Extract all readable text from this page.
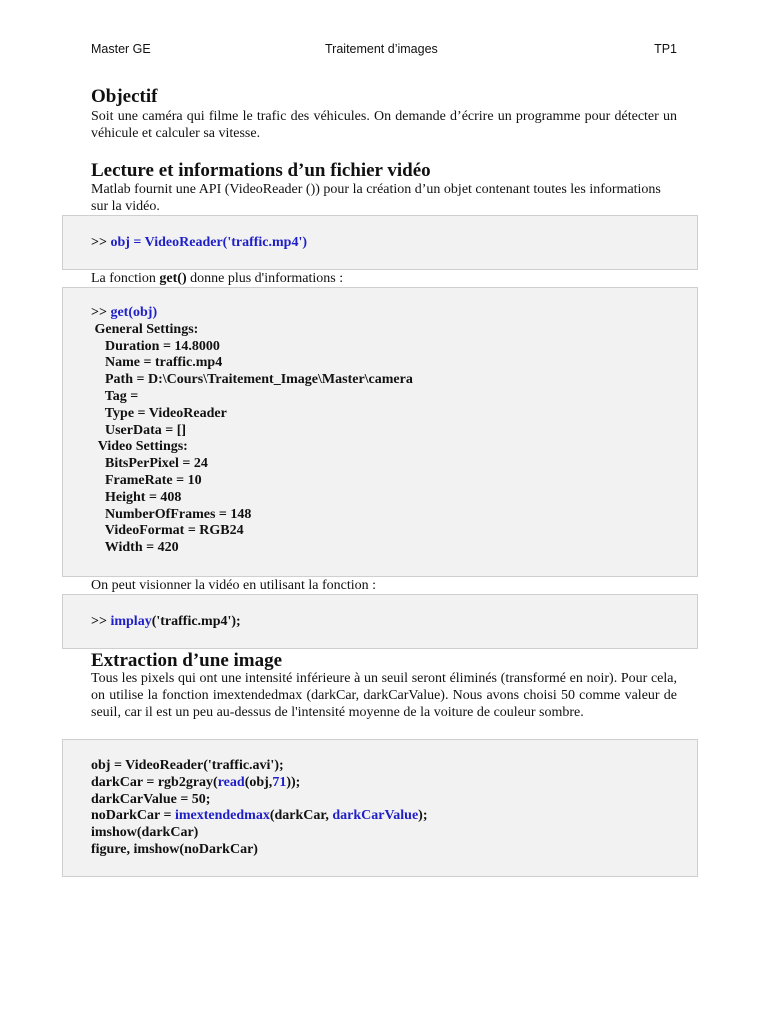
Master GE	Traitement d’images	TP1
Objectif

Soit une caméra qui filme le trafic des véhicules. On demande d’écrire un programme pour détecter un véhicule et calculer sa vitesse.

Lecture et informations d’un fichier vidéo

Matlab fournit une API (VideoReader ()) pour la création d’un objet contenant toutes les informations sur la vidéo.

>> obj = VideoReader('traffic.mp4')

La fonction get() donne plus d'informations :

>> get(obj)
General Settings:
Duration = 14.8000
Name = traffic.mp4
Path = D:\Cours\Traitement_Image\Master\camera
Tag =
Type = VideoReader
UserData = []
Video Settings:
BitsPerPixel = 24
FrameRate = 10
Height = 408
NumberOfFrames = 148
VideoFormat = RGB24
Width = 420

On peut visionner la vidéo en utilisant la fonction :

>> implay('traffic.mp4');
Extraction d’une image

Tous les pixels qui ont une intensité inférieure à un seuil seront éliminés (transformé en noir). Pour cela, on utilise la fonction imextendedmax (darkCar, darkCarValue). Nous avons choisi 50 comme valeur de seuil, car il est un peu au-dessus de l'intensité moyenne de la voiture de couleur sombre.

obj = VideoReader('traffic.avi');
darkCar = rgb2gray(read(obj,71));
darkCarValue = 50;
noDarkCar = imextendedmax(darkCar, darkCarValue);
imshow(darkCar)
figure, imshow(noDarkCar)
